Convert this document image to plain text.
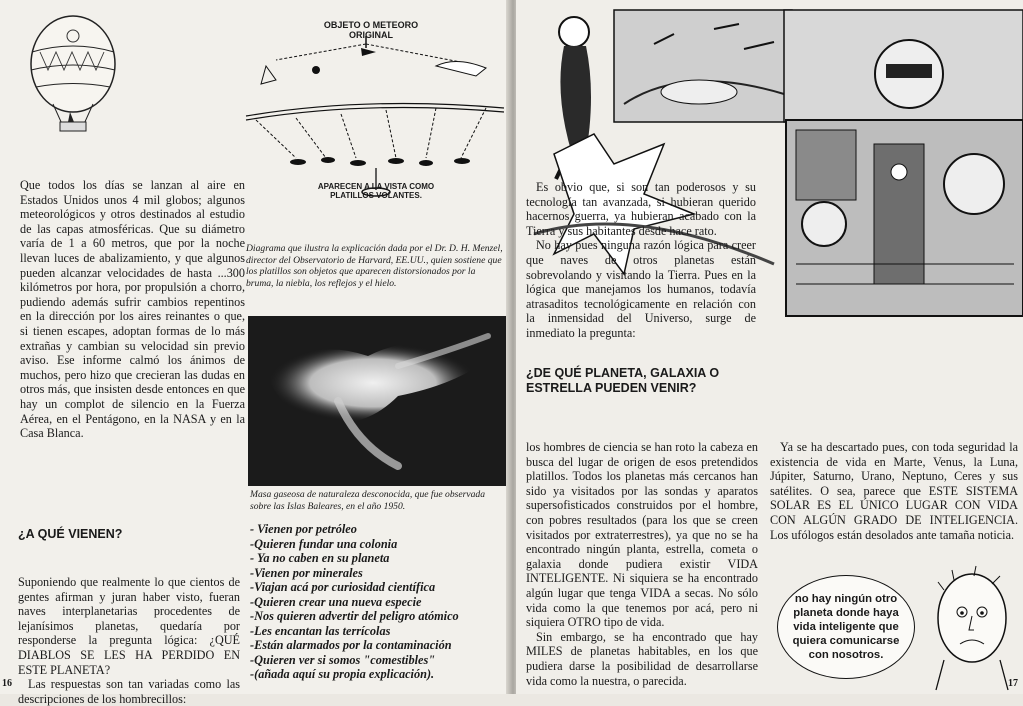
Que todos los días se lanzan al aire en Estados Unidos unos 4 mil globos; algunos meteorológicos y otros destinados al estudio de las capas atmosféricas. Que su diámetro varía de 1 a 60 metros, que por la noche llevan luces de abalizamiento, y que algunos pueden alcanzar velocidades de hasta ...300 kilómetros por hora, por propulsión a chorro, pudiendo además sufrir cambios repentinos en la dirección por los aires reinantes o que, si tienen escapes, adoptan formas de lo más extrañas y cambian su velocidad sin previo aviso. Ese informe calmó los ánimos de muchos, pero hizo que crecieran las dudas en otros más, que insisten desde entonces en que hay un complot de silencio en la Fuerza Aérea, en el Pentágono, en la NASA y en la Casa Blanca.

OBJETO O METEORO ORIGINAL
APARECEN A LA VISTA COMO PLATILLOS VOLANTES.

Diagrama que ilustra la explicación dada por el Dr. D. H. Menzel, director del Observatorio de Harvard, EE.UU., quien sostiene que los platillos son objetos que aparecen distorsionados por la bruma, la niebla, los reflejos y el hielo.

Masa gaseosa de naturaleza desconocida, que fue observada sobre las Islas Baleares, en el año 1950.

¿A QUÉ VIENEN?

Suponiendo que realmente lo que cientos de gentes afirman y juran haber visto, fueran naves interplanetarias procedentes de lejanísimos planetas, quedaría por responderse la pregunta lógica: ¿QUÉ DIABLOS SE LES HA PERDIDO EN ESTE PLANETA?

Las respuestas son tan variadas como las descripciones de los hombrecillos:

- Vienen por petróleo
-Quieren fundar una colonia
- Ya no caben en su planeta
-Vienen por minerales
-Viajan acá por curiosidad científica
-Quieren crear una nueva especie
-Nos quieren advertir del peligro atómico
-Les encantan las terrícolas
-Están alarmados por la contaminación
-Quieren ver si somos "comestibles"
-(añada aquí su propia explicación).
16

Es obvio que, si son tan poderosos y su tecnología tan avanzada, si hubieran querido hacernos guerra, ya hubieran acabado con la Tierra y sus habitantes desde hace rato.

No hay pues ninguna razón lógica para creer que naves de otros planetas están sobrevolando y visitando la Tierra. Pues en la lógica que manejamos los humanos, todavía atrasaditos tecnológicamente en relación con la inmensidad del Universo, surge de inmediato la pregunta:

¿DE QUÉ PLANETA, GALAXIA O ESTRELLA PUEDEN VENIR?

los hombres de ciencia se han roto la cabeza en busca del lugar de origen de esos pretendidos platillos. Todos los planetas más cercanos han sido ya visitados por las sondas y aparatos supersofisticados construidos por el hombre, con pobres resultados (para los que se creen visitados por extraterrestres), ya que no se ha encontrado ningún planta, estrella, cometa o galaxia donde pudiera existir VIDA INTELIGENTE. Ni siquiera se ha encontrado algún lugar que tenga VIDA a secas. No sólo vida como la que tenemos por acá, pero ni siquiera OTRO tipo de vida.

Sin embargo, se ha encontrado que hay MILES de planetas habitables, en los que pudiera darse la posibilidad de desarrollarse vida como la nuestra, o parecida.

Ya se ha descartado pues, con toda seguridad la existencia de vida en Marte, Venus, la Luna, Júpiter, Saturno, Urano, Neptuno, Ceres y sus satélites. O sea, parece que ESTE SISTEMA SOLAR ES EL ÚNICO LUGAR CON VIDA CON ALGÚN GRADO DE INTELIGENCIA. Los ufólogos están desolados ante tamaña noticia.

no hay ningún otro planeta donde haya vida inteligente que quiera comunicarse con nosotros.
17
